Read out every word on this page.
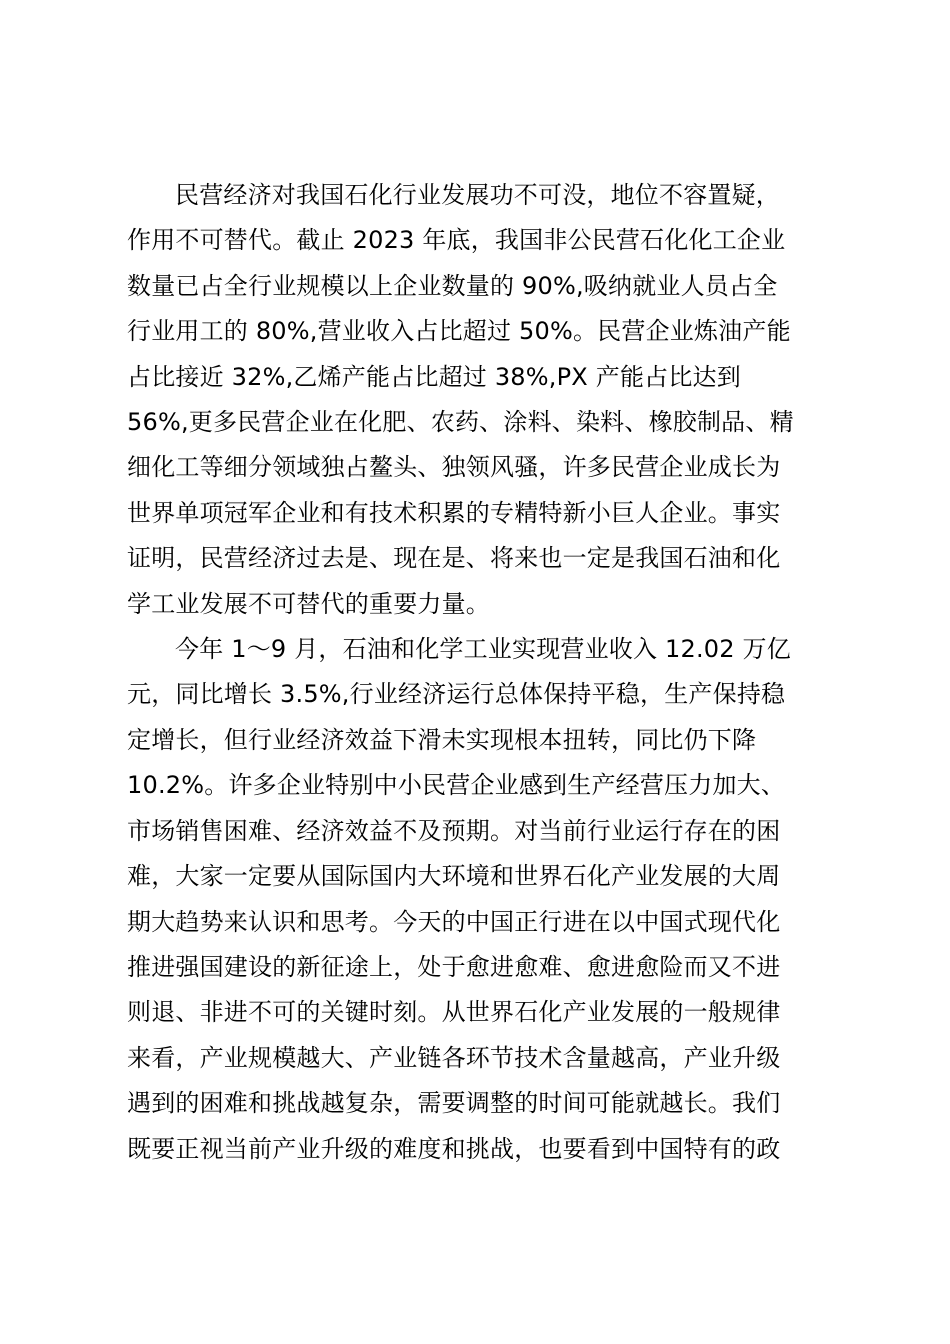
民营经济对我国石化行业发展功不可没，地位不容置疑，
作用不可替代。截止 2023 年底，我国非公民营石化化工企业
数量已占全行业规模以上企业数量的 90%,吸纳就业人员占全
行业用工的 80%,营业收入占比超过 50%。民营企业炼油产能
占比接近 32%,乙烯产能占比超过 38%,PX 产能占比达到
56%,更多民营企业在化肥、农药、涂料、染料、橡胶制品、精
细化工等细分领域独占鳌头、独领风骚，许多民营企业成长为
世界单项冠军企业和有技术积累的专精特新小巨人企业。事实
证明，民营经济过去是、现在是、将来也一定是我国石油和化
学工业发展不可替代的重要力量。

今年 1～9 月，石油和化学工业实现营业收入 12.02 万亿
元，同比增长 3.5%,行业经济运行总体保持平稳，生产保持稳
定增长，但行业经济效益下滑未实现根本扭转，同比仍下降
10.2%。许多企业特别中小民营企业感到生产经营压力加大、
市场销售困难、经济效益不及预期。对当前行业运行存在的困
难，大家一定要从国际国内大环境和世界石化产业发展的大周
期大趋势来认识和思考。今天的中国正行进在以中国式现代化
推进强国建设的新征途上，处于愈进愈难、愈进愈险而又不进
则退、非进不可的关键时刻。从世界石化产业发展的一般规律
来看，产业规模越大、产业链各环节技术含量越高，产业升级
遇到的困难和挑战越复杂，需要调整的时间可能就越长。我们
既要正视当前产业升级的难度和挑战，也要看到中国特有的政
